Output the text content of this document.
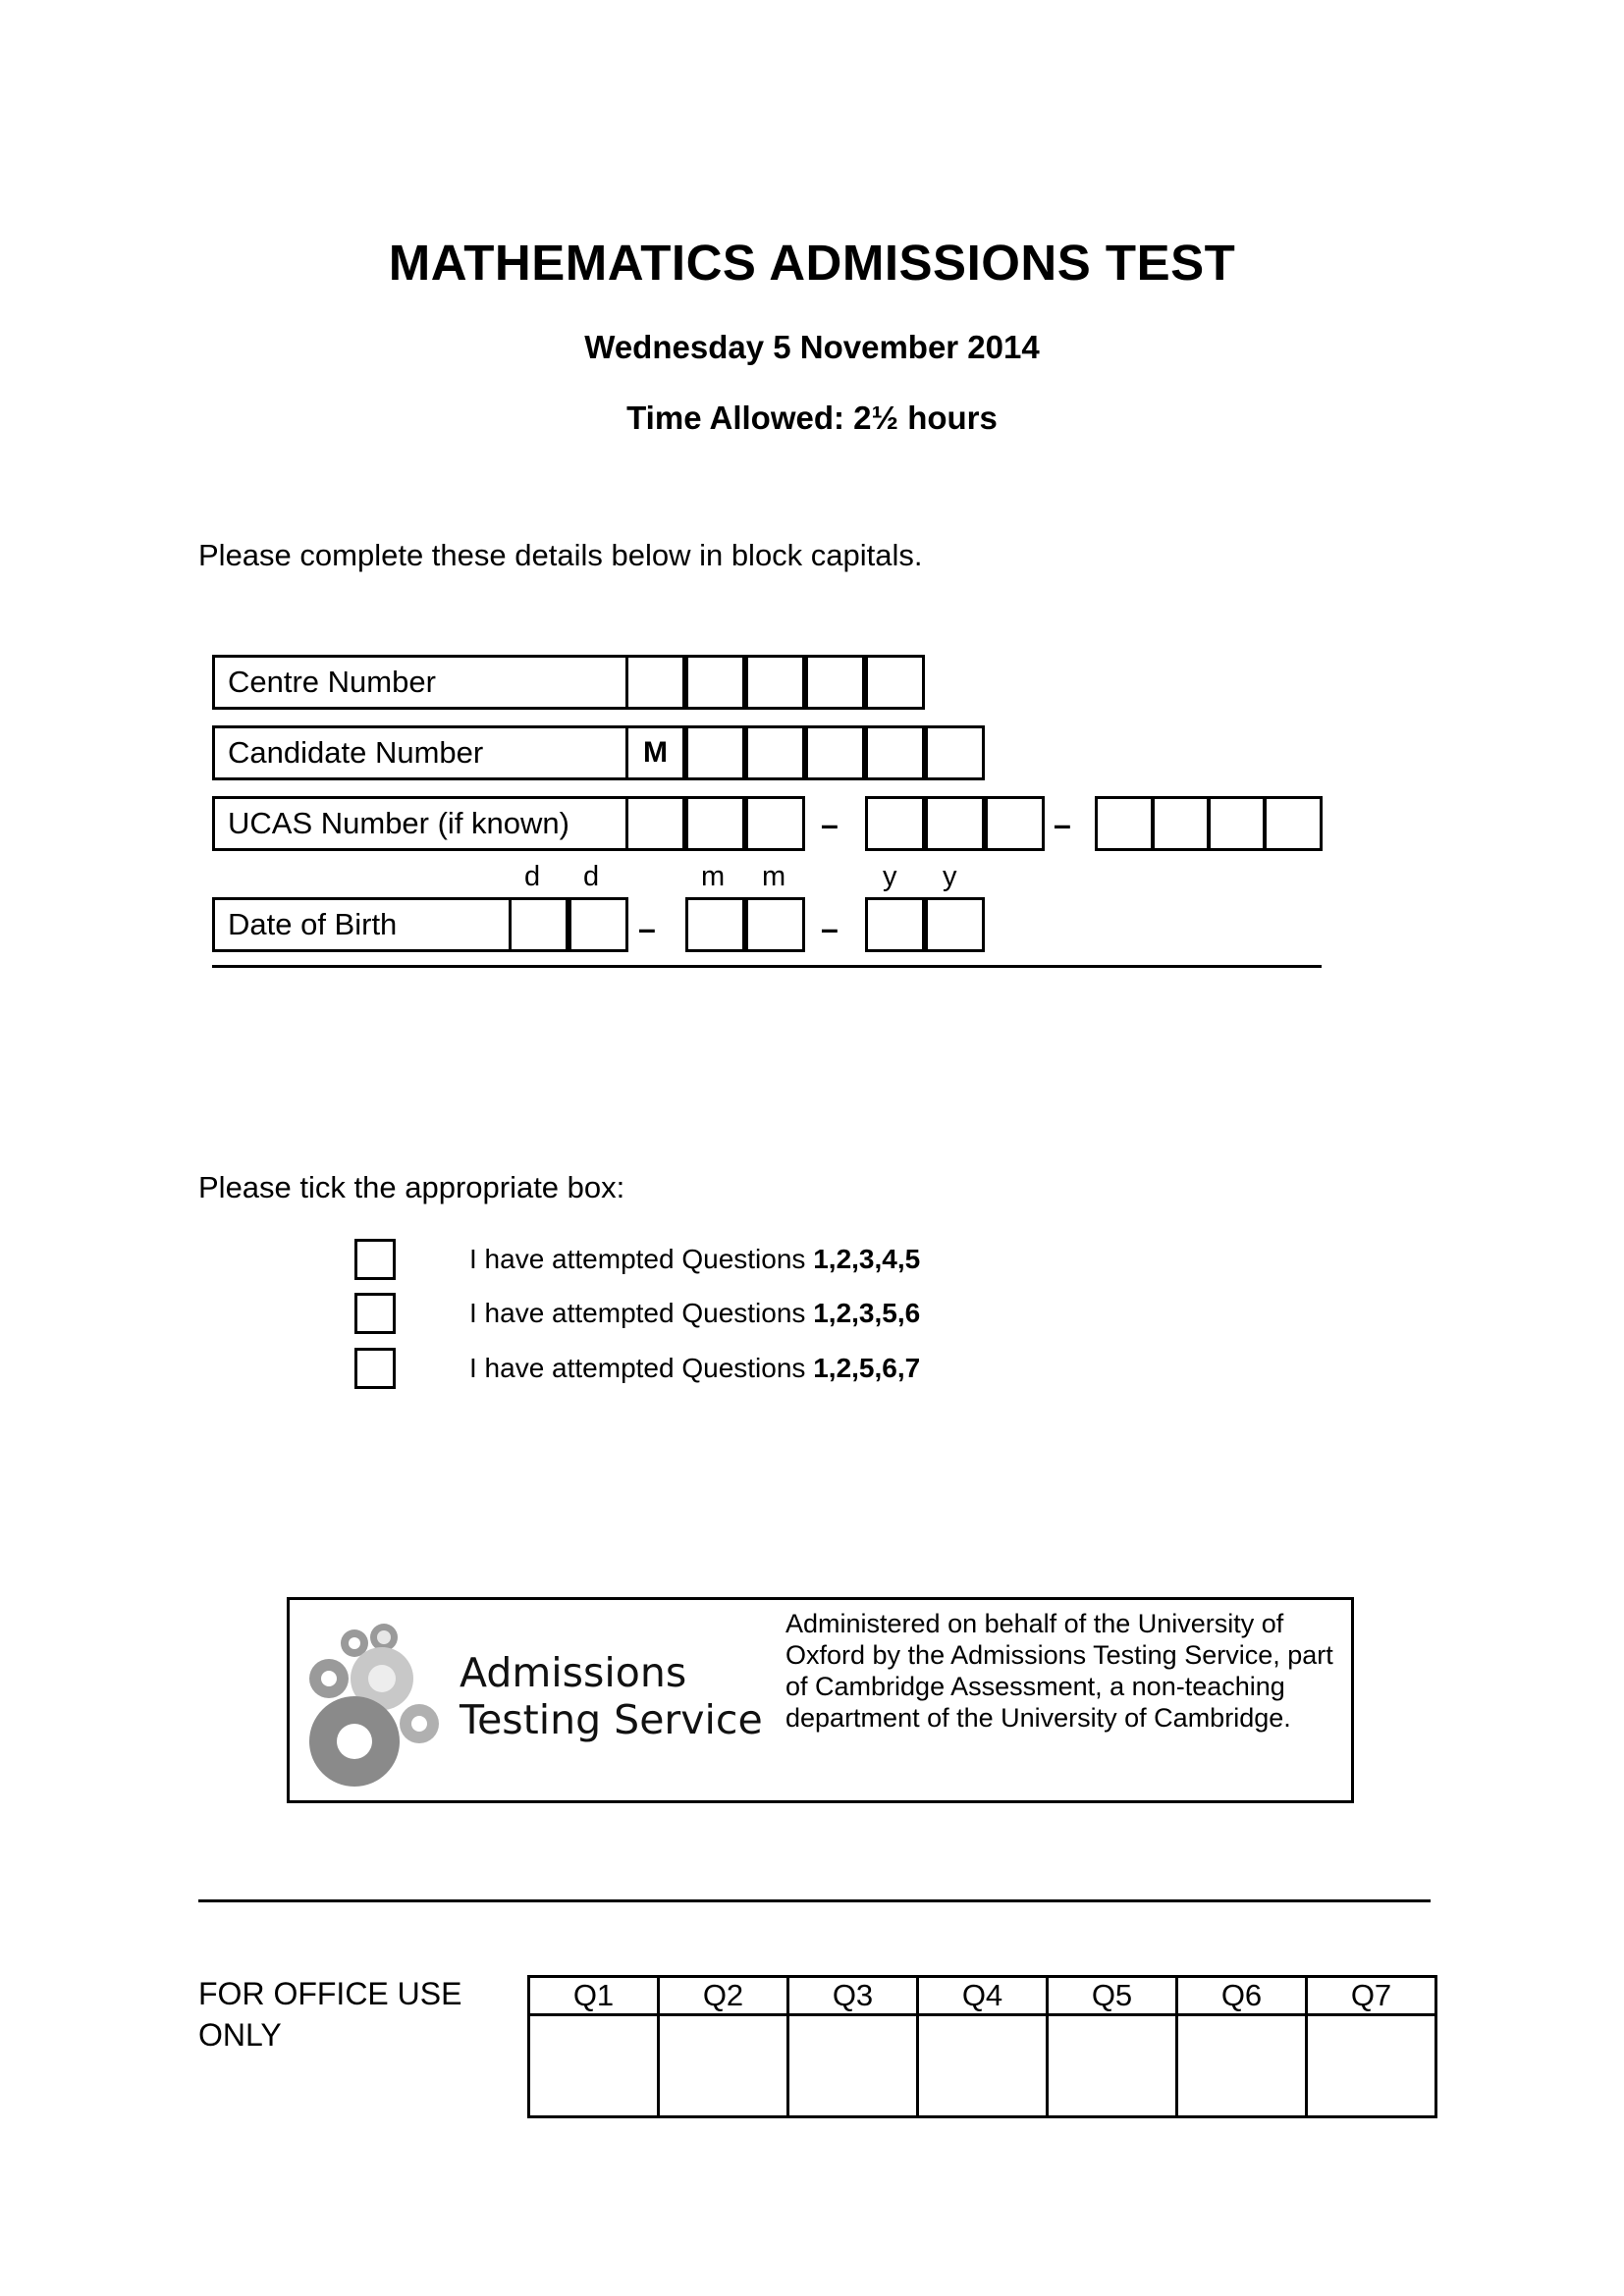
MATHEMATICS ADMISSIONS TEST
Wednesday 5 November 2014
Time Allowed: 2½ hours
Please complete these details below in block capitals.
Centre Number
Candidate Number	M
UCAS Number (if known)	–	–
d d	m m	y y
Date of Birth	–	–
Please tick the appropriate box:
I have attempted Questions 1,2,3,4,5
I have attempted Questions 1,2,3,5,6
I have attempted Questions 1,2,5,6,7
Admissions
Testing Service
Administered on behalf of the University of Oxford by the Admissions Testing Service, part of Cambridge Assessment, a non-teaching department of the University of Cambridge.
FOR OFFICE USE ONLY
Q1	Q2	Q3	Q4	Q5	Q6	Q7
